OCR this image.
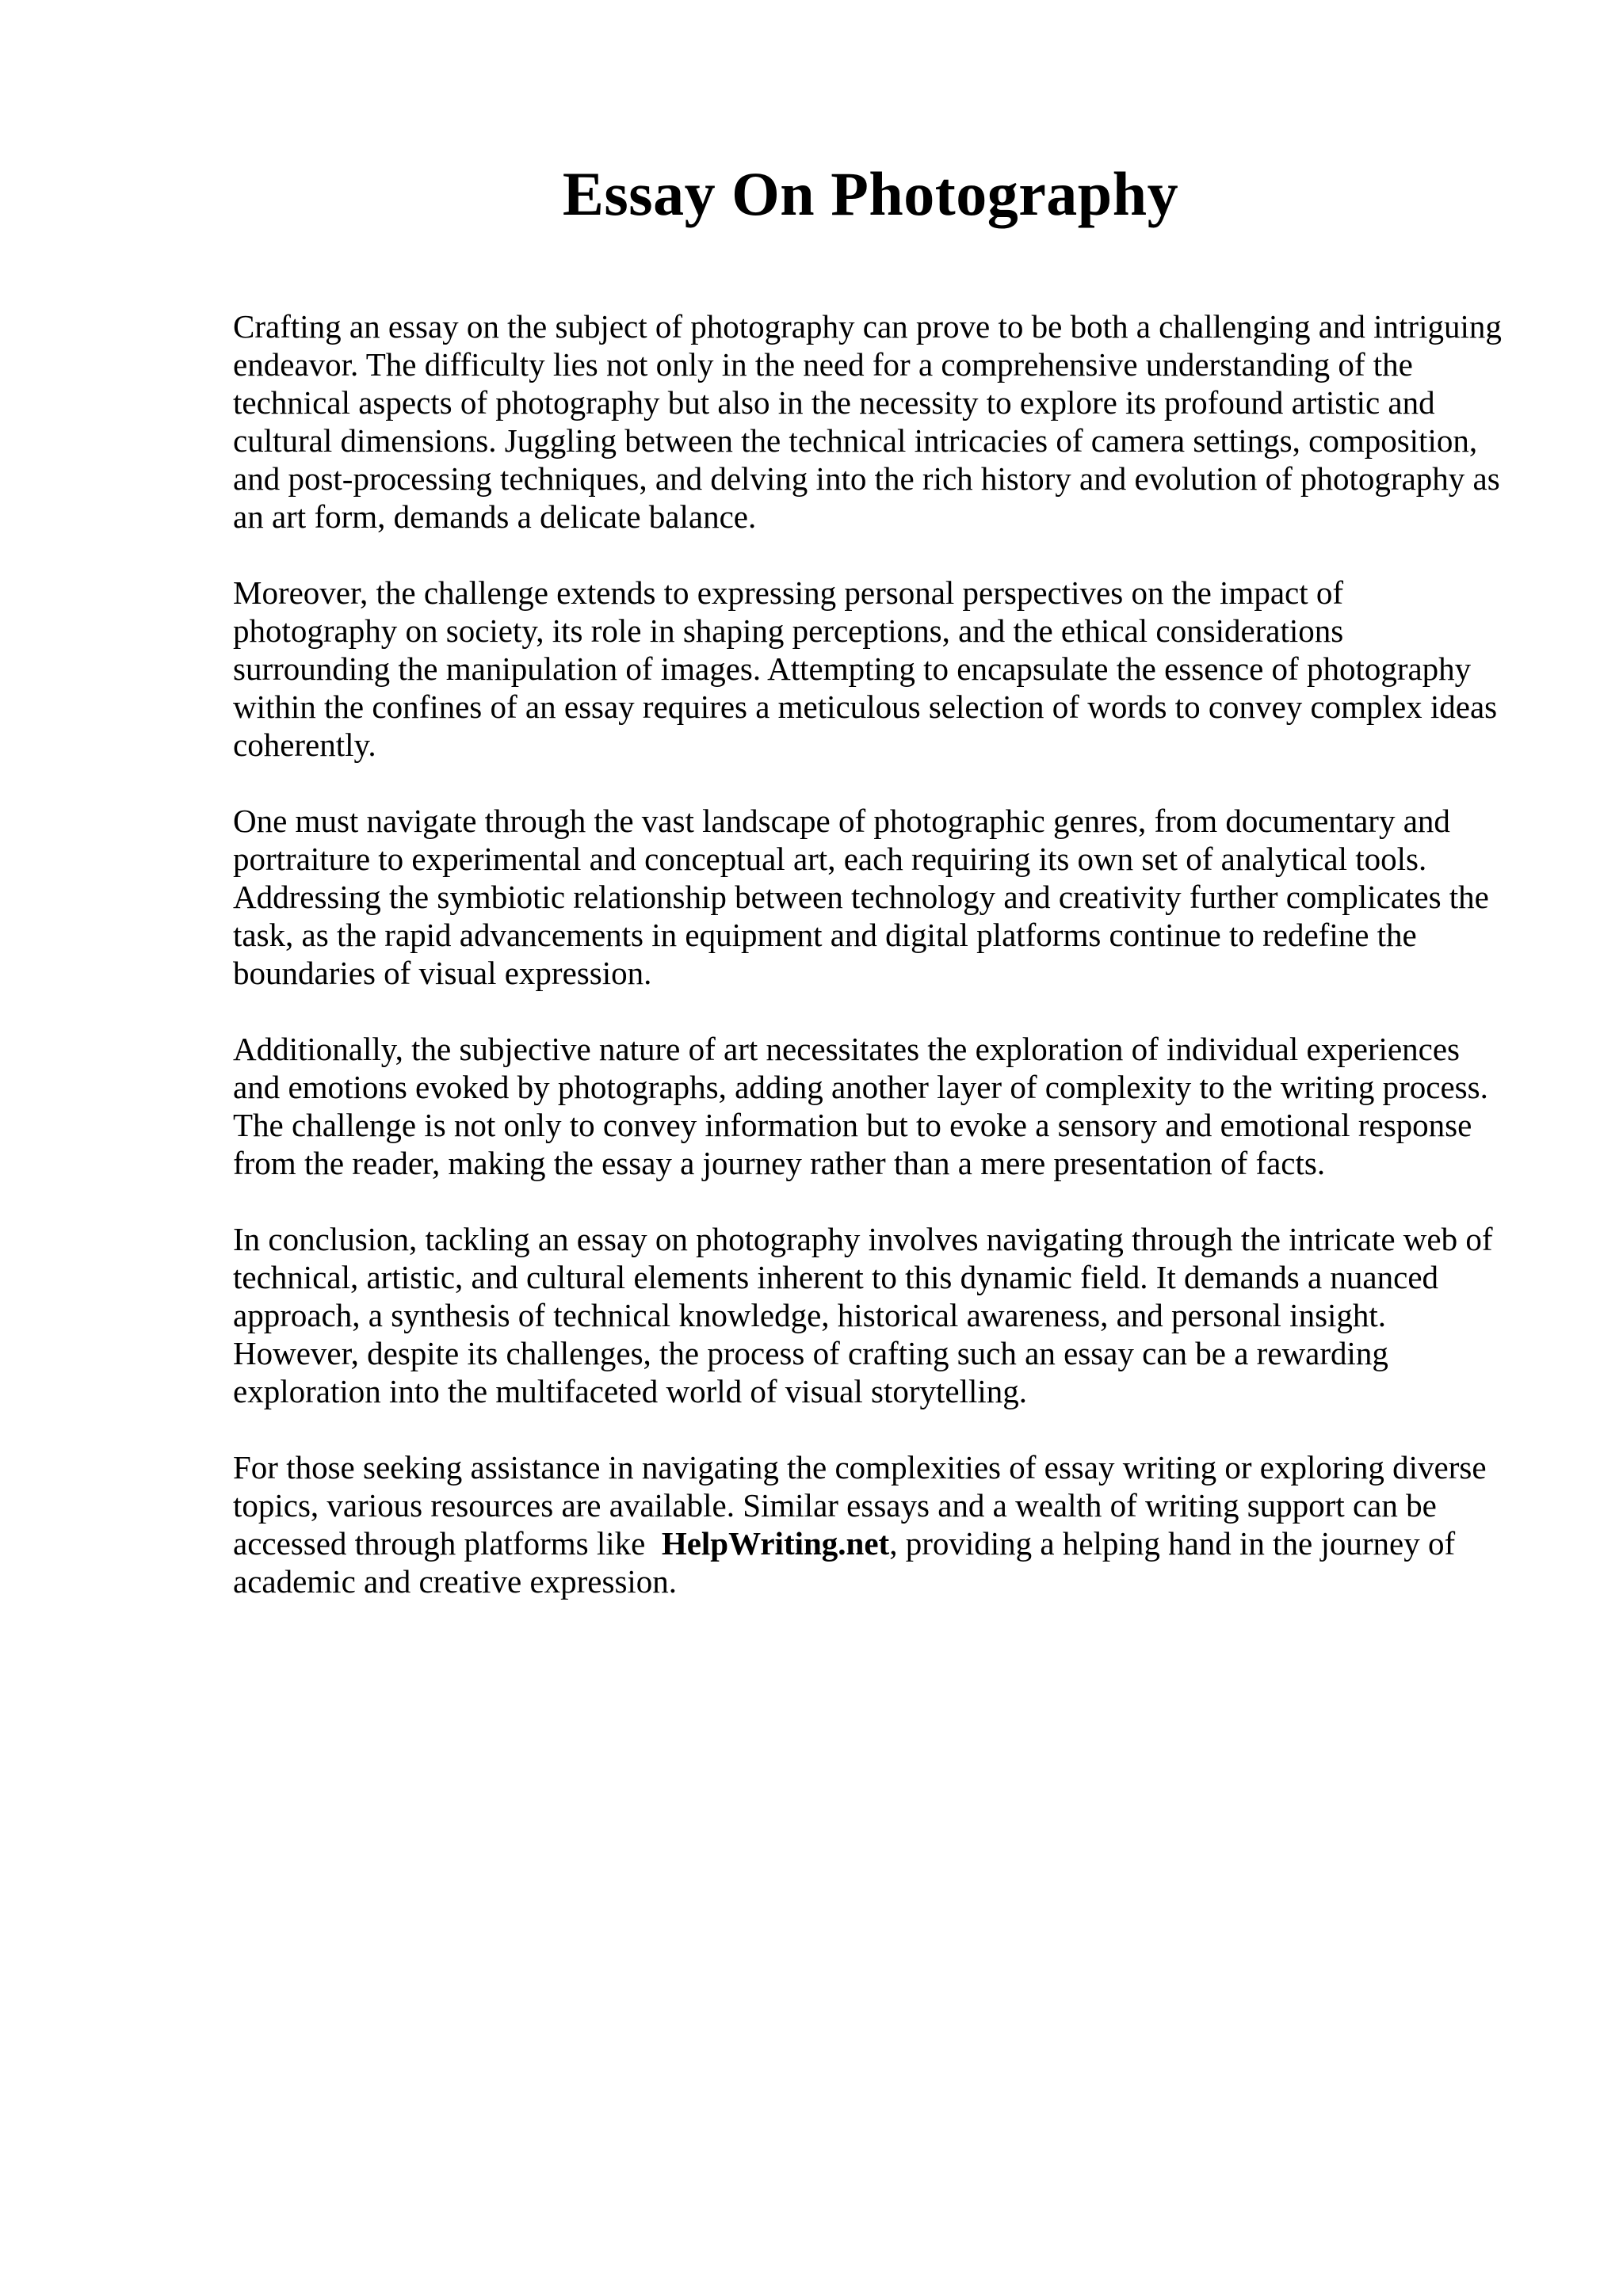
Essay On Photography

Crafting an essay on the subject of photography can prove to be both a challenging and intriguing endeavor. The difficulty lies not only in the need for a comprehensive understanding of the technical aspects of photography but also in the necessity to explore its profound artistic and cultural dimensions. Juggling between the technical intricacies of camera settings, composition, and post-processing techniques, and delving into the rich history and evolution of photography as an art form, demands a delicate balance.

Moreover, the challenge extends to expressing personal perspectives on the impact of photography on society, its role in shaping perceptions, and the ethical considerations surrounding the manipulation of images. Attempting to encapsulate the essence of photography within the confines of an essay requires a meticulous selection of words to convey complex ideas coherently.

One must navigate through the vast landscape of photographic genres, from documentary and portraiture to experimental and conceptual art, each requiring its own set of analytical tools. Addressing the symbiotic relationship between technology and creativity further complicates the task, as the rapid advancements in equipment and digital platforms continue to redefine the boundaries of visual expression.

Additionally, the subjective nature of art necessitates the exploration of individual experiences and emotions evoked by photographs, adding another layer of complexity to the writing process. The challenge is not only to convey information but to evoke a sensory and emotional response from the reader, making the essay a journey rather than a mere presentation of facts.

In conclusion, tackling an essay on photography involves navigating through the intricate web of technical, artistic, and cultural elements inherent to this dynamic field. It demands a nuanced approach, a synthesis of technical knowledge, historical awareness, and personal insight. However, despite its challenges, the process of crafting such an essay can be a rewarding exploration into the multifaceted world of visual storytelling.

For those seeking assistance in navigating the complexities of essay writing or exploring diverse topics, various resources are available. Similar essays and a wealth of writing support can be accessed through platforms like  HelpWriting.net, providing a helping hand in the journey of academic and creative expression.
